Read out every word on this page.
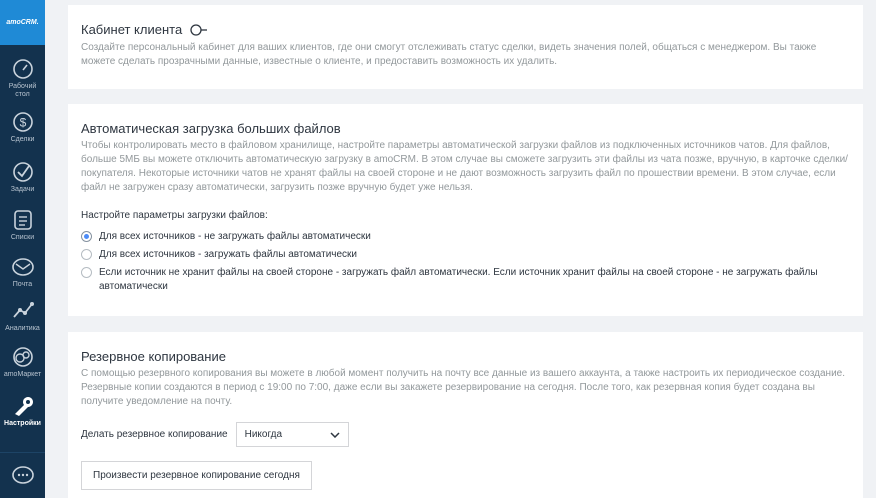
amoCRM.
Рабочий стол
$
Сделки
Задачи
Списки
Почта
Аналитика
amoМаркет
Настройки
Кабинет клиента
Создайте персональный кабинет для ваших клиентов, где они смогут отслеживать статус сделки, видеть значения полей, общаться с менеджером. Вы также можете сделать прозрачными данные, известные о клиенте, и предоставить возможность их удалить.
Автоматическая загрузка больших файлов
Чтобы контролировать место в файловом хранилище, настройте параметры автоматической загрузки файлов из подключенных источников чатов. Для файлов, больше 5МБ вы можете отключить автоматическую загрузку в amoCRM. В этом случае вы сможете загрузить эти файлы из чата позже, вручную, в карточке сделки/покупателя. Некоторые источники чатов не хранят файлы на своей стороне и не дают возможность загрузить файл по прошествии времени. В этом случае, если файл не загружен сразу автоматически, загрузить позже вручную будет уже нельзя.
Настройте параметры загрузки файлов:
Для всех источников - не загружать файлы автоматически
Для всех источников - загружать файлы автоматически
Если источник не хранит файлы на своей стороне - загружать файл автоматически. Если источник хранит файлы на своей стороне - не загружать файлы автоматически
Резервное копирование
С помощью резервного копирования вы можете в любой момент получить на почту все данные из вашего аккаунта, а также настроить их периодическое создание. Резервные копии создаются в период с 19:00 по 7:00, даже если вы закажете резервирование на сегодня. После того, как резервная копия будет создана вы получите уведомление на почту.
Делать резервное копирование Никогда
Произвести резервное копирование сегодня
